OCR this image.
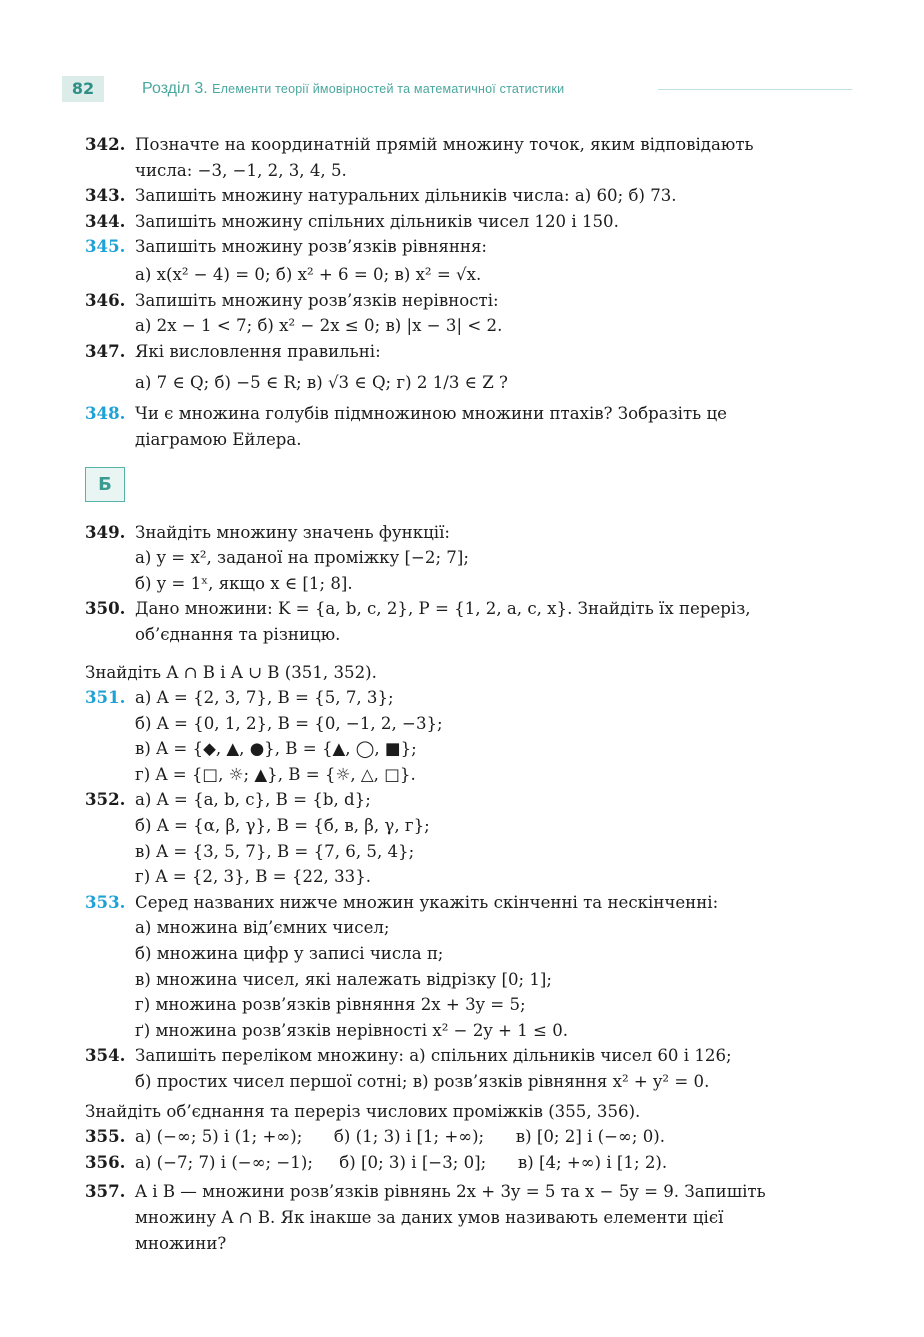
82	Розділ 3. Елементи теорії ймовірностей та математичної статистики
342. Позначте на координатній прямій множину точок, яким відповідають
числа: −3, −1, 2, 3, 4, 5.
343. Запишіть множину натуральних дільників числа: а) 60; б) 73.
344. Запишіть множину спільних дільників чисел 120 і 150.
345. Запишіть множину розв’язків рівняння:
а) x(x² − 4) = 0; б) x² + 6 = 0; в) x² = √x.
346. Запишіть множину розв’язків нерівності:
а) 2x − 1 < 7; б) x² − 2x ≤ 0; в) |x − 3| < 2.
347. Які висловлення правильні:
а) 7 ∈ Q; б) −5 ∈ R; в) √3 ∈ Q; г) 2 1/3 ∈ Z ?
348. Чи є множина голубів підмножиною множини птахів? Зобразіть це
діаграмою Ейлера.
Б
349. Знайдіть множину значень функції:
а) y = x², заданої на проміжку [−2; 7];
б) y = 1ˣ, якщо x ∈ [1; 8].
350. Дано множини: K = {a, b, c, 2}, P = {1, 2, a, c, x}. Знайдіть їх переріз,
об’єднання та різницю.
Знайдіть A ∩ B і A ∪ B (351, 352).
351. а) A = {2, 3, 7}, B = {5, 7, 3};
б) A = {0, 1, 2}, B = {0, −1, 2, −3};
в) A = {◆, ▲, ●}, B = {▲, ◯, ■};
г) A = {□, ☼; ▲}, B = {☼, △, □}.
352. а) A = {a, b, c}, B = {b, d};
б) A = {α, β, γ}, B = {б, в, β, γ, г};
в) A = {3, 5, 7}, B = {7, 6, 5, 4};
г) A = {2, 3}, B = {22, 33}.
353. Серед названих нижче множин укажіть скінченні та нескінченні:
а) множина від’ємних чисел;
б) множина цифр у записі числа π;
в) множина чисел, які належать відрізку [0; 1];
г) множина розв’язків рівняння 2x + 3y = 5;
ґ) множина розв’язків нерівності x² − 2y + 1 ≤ 0.
354. Запишіть переліком множину: а) спільних дільників чисел 60 і 126;
б) простих чисел першої сотні; в) розв’язків рівняння x² + y² = 0.
Знайдіть об’єднання та переріз числових проміжків (355, 356).
355. а) (−∞; 5) і (1; +∞);      б) (1; 3) і [1; +∞);      в) [0; 2] і (−∞; 0).
356. а) (−7; 7) і (−∞; −1);     б) [0; 3) і [−3; 0];      в) [4; +∞) і [1; 2).
357. A і B — множини розв’язків рівнянь 2x + 3y = 5 та x − 5y = 9. Запишіть
множину A ∩ B. Як інакше за даних умов називають елементи цієї
множини?
